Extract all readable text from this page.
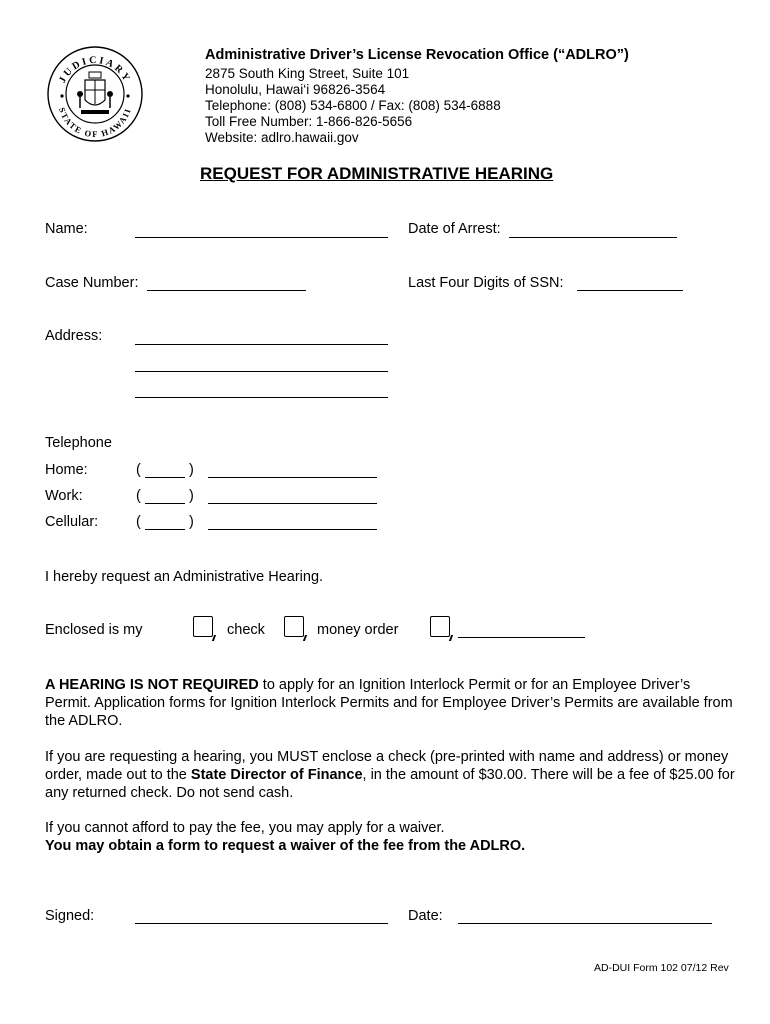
JUDICIARY
STATE OF HAWAII
Administrative Driver’s License Revocation Office (“ADLRO”)
2875 South King Street, Suite 101
Honolulu, Hawai‘i 96826-3564
Telephone: (808) 534-6800 / Fax: (808) 534-6888
Toll Free Number: 1-866-826-5656
Website: adlro.hawaii.gov
REQUEST FOR ADMINISTRATIVE HEARING
Name:	Date of Arrest:
Case Number:	Last Four Digits of SSN:
Address:
Telephone
Home:	(	)
Work:	(	)
Cellular:	(	)
I hereby request an Administrative Hearing.
Enclosed is my	check	money order
A HEARING IS NOT REQUIRED to apply for an Ignition Interlock Permit or for an Employee Driver’s Permit. Application forms for Ignition Interlock Permits and for Employee Driver’s Permits are available from the ADLRO.
If you are requesting a hearing, you MUST enclose a check (pre-printed with name and address) or money order, made out to the State Director of Finance, in the amount of $30.00. There will be a fee of $25.00 for any returned check. Do not send cash.
If you cannot afford to pay the fee, you may apply for a waiver.
You may obtain a form to request a waiver of the fee from the ADLRO.
Signed:	Date:
AD-DUI Form 102 07/12 Rev
